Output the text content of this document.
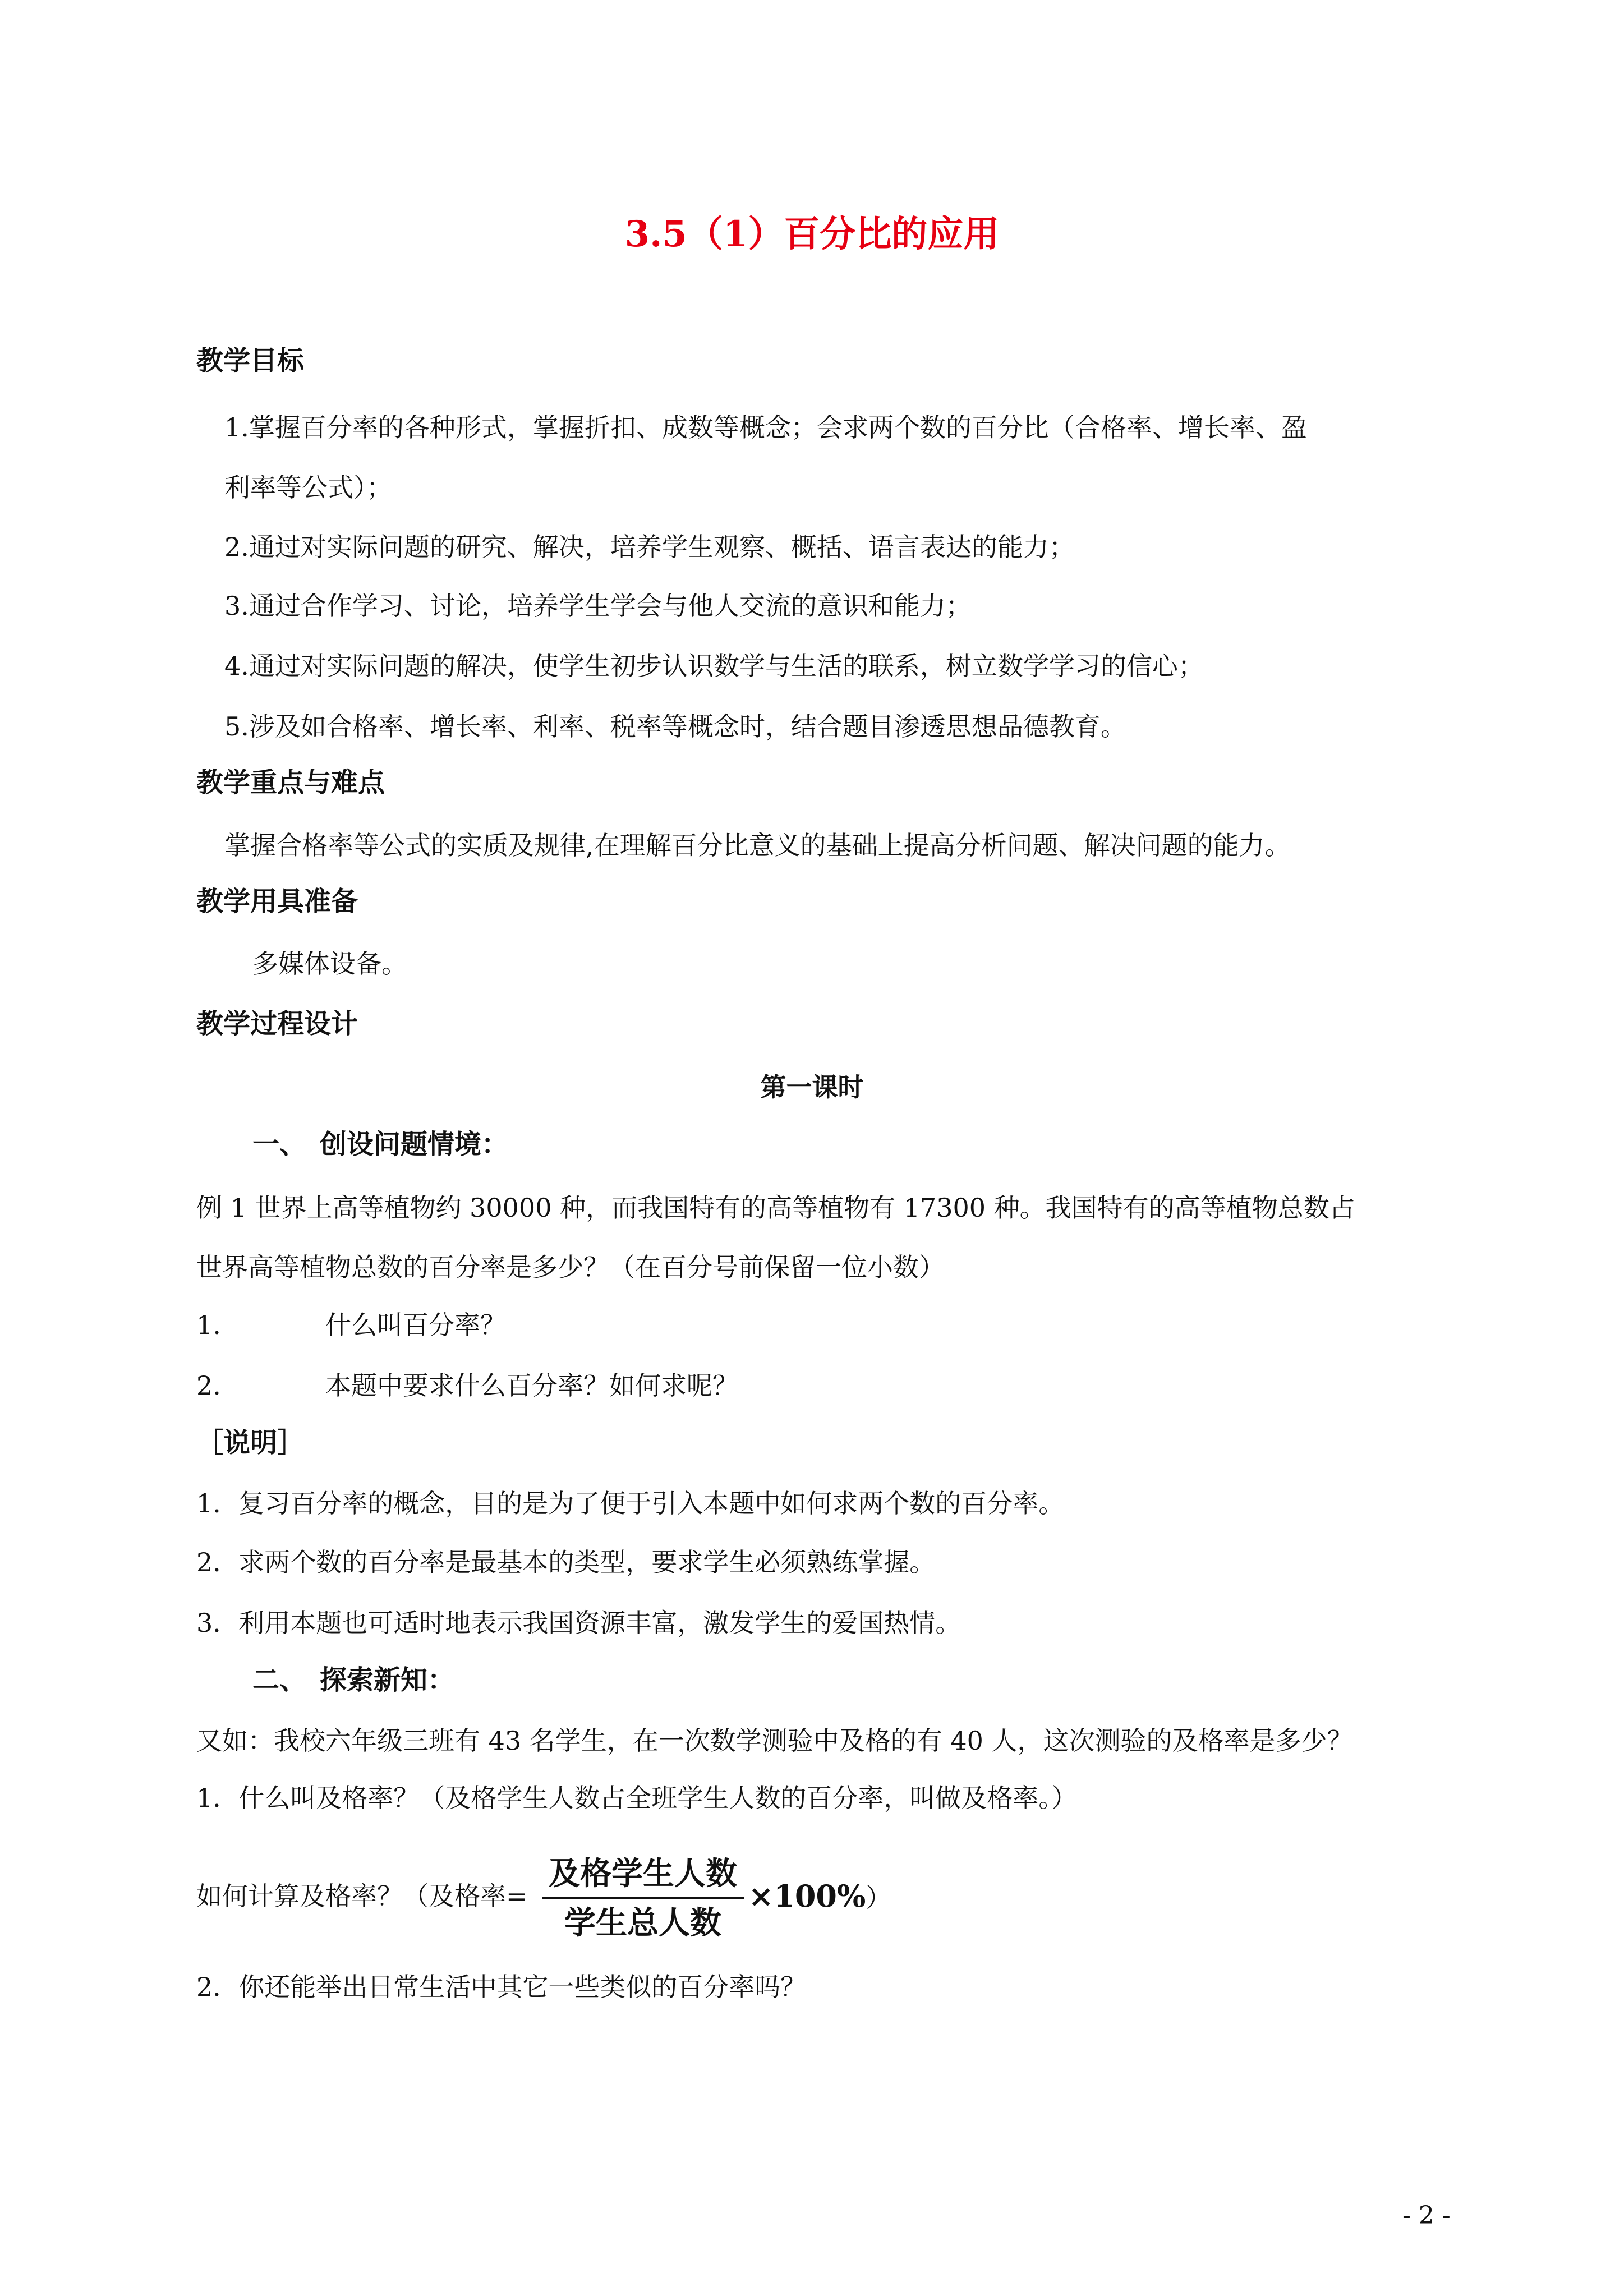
3.5（1）百分比的应用
教学目标
1.掌握百分率的各种形式，掌握折扣、成数等概念；会求两个数的百分比（合格率、增长率、盈
利率等公式）；
2.通过对实际问题的研究、解决，培养学生观察、概括、语言表达的能力；
3.通过合作学习、讨论，培养学生学会与他人交流的意识和能力；
4.通过对实际问题的解决，使学生初步认识数学与生活的联系，树立数学学习的信心；
5.涉及如合格率、增长率、利率、税率等概念时，结合题目渗透思想品德教育。
教学重点与难点
掌握合格率等公式的实质及规律,在理解百分比意义的基础上提高分析问题、解决问题的能力。
教学用具准备
多媒体设备。
教学过程设计
第一课时
一、　创设问题情境：
例 1 世界上高等植物约 30000 种，而我国特有的高等植物有 17300 种。我国特有的高等植物总数占
世界高等植物总数的百分率是多少？（在百分号前保留一位小数）
1.	什么叫百分率？
2.	本题中要求什么百分率？如何求呢？
［说明］
1．复习百分率的概念，目的是为了便于引入本题中如何求两个数的百分率。
2．求两个数的百分率是最基本的类型，要求学生必须熟练掌握。
3．利用本题也可适时地表示我国资源丰富，激发学生的爱国热情。
二、　探索新知：
又如：我校六年级三班有 43 名学生，在一次数学测验中及格的有 40 人，这次测验的及格率是多少？
1．什么叫及格率？（及格学生人数占全班学生人数的百分率，叫做及格率。）
如何计算及格率？（及格率=
及格学生人数
学生总人数
×100%）
2．你还能举出日常生活中其它一些类似的百分率吗？
- 2 -
